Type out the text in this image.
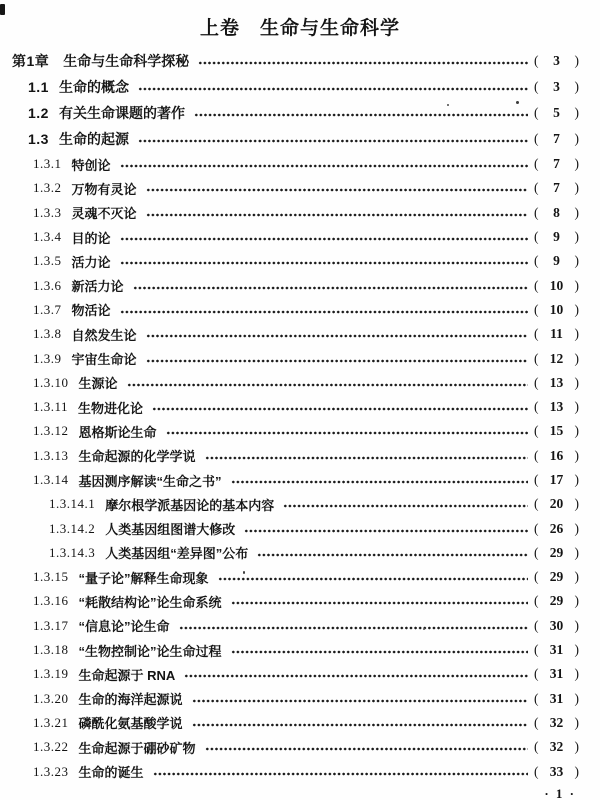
上卷　生命与生命科学
第1章 生命与生命科学探秘	( 3 )
1.1 生命的概念	( 3 )
1.2 有关生命课题的著作	( 5 )
1.3 生命的起源	( 7 )
1.3.1 特创论	( 7 )
1.3.2 万物有灵论	( 7 )
1.3.3 灵魂不灭论	( 8 )
1.3.4 目的论	( 9 )
1.3.5 活力论	( 9 )
1.3.6 新活力论	( 10 )
1.3.7 物活论	( 10 )
1.3.8 自然发生论	( 11 )
1.3.9 宇宙生命论	( 12 )
1.3.10 生源论	( 13 )
1.3.11 生物进化论	( 13 )
1.3.12 恩格斯论生命	( 15 )
1.3.13 生命起源的化学学说	( 16 )
1.3.14 基因测序解读“生命之书”	( 17 )
1.3.14.1 摩尔根学派基因论的基本内容	( 20 )
1.3.14.2 人类基因组图谱大修改	( 26 )
1.3.14.3 人类基因组“差异图”公布	( 29 )
1.3.15 “量子论”解释生命现象	( 29 )
1.3.16 “耗散结构论”论生命系统	( 29 )
1.3.17 “信息论”论生命	( 30 )
1.3.18 “生物控制论”论生命过程	( 31 )
1.3.19 生命起源于 RNA	( 31 )
1.3.20 生命的海洋起源说	( 31 )
1.3.21 磷酰化氨基酸学说	( 32 )
1.3.22 生命起源于硼砂矿物	( 32 )
1.3.23 生命的诞生	( 33 )
· 1 ·
